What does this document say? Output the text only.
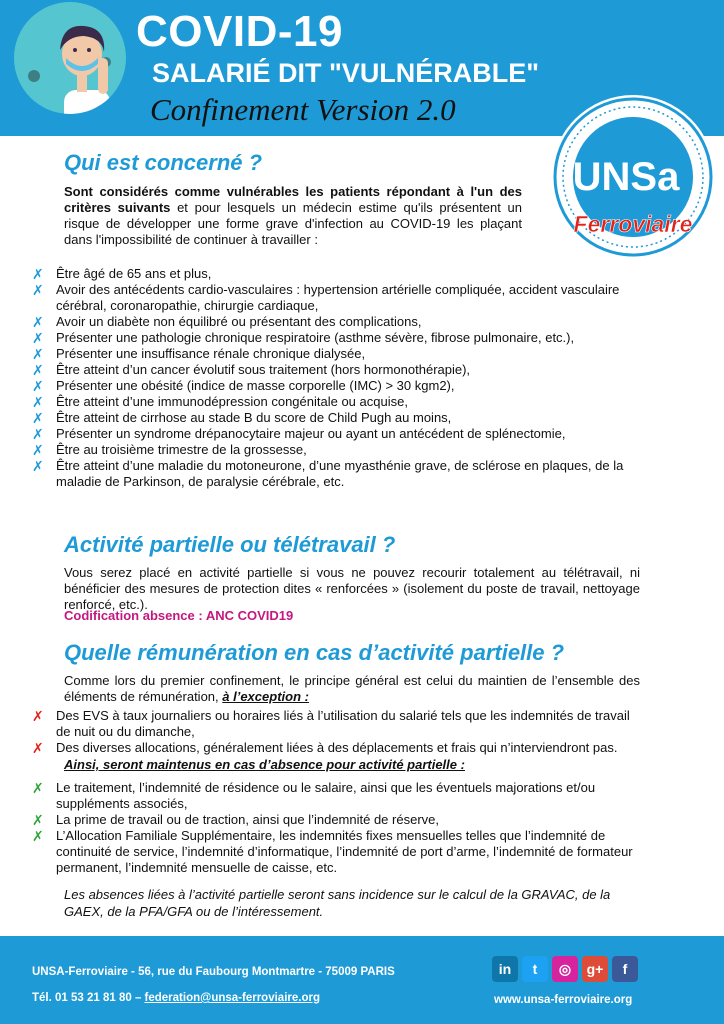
COVID-19
SALARIÉ DIT "VULNÉRABLE"
Confinement Version 2.0
UNSa
Ferroviaire
Qui est concerné ?
Sont considérés comme vulnérables les patients répondant à l'un des critères suivants et pour lesquels un médecin estime qu'ils présentent un risque de développer une forme grave d'infection au COVID-19 les plaçant dans l'impossibilité de continuer à travailler :
✗ Être âgé de 65 ans et plus,
✗ Avoir des antécédents cardio-vasculaires : hypertension artérielle compliquée, accident vasculaire cérébral, coronaropathie, chirurgie cardiaque,
✗ Avoir un diabète non équilibré ou présentant des complications,
✗ Présenter une pathologie chronique respiratoire (asthme sévère, fibrose pulmonaire, etc.),
✗ Présenter une insuffisance rénale chronique dialysée,
✗ Être atteint d’un cancer évolutif sous traitement (hors hormonothérapie),
✗ Présenter une obésité (indice de masse corporelle (IMC) > 30 kgm2),
✗ Être atteint d’une immunodépression congénitale ou acquise,
✗ Être atteint de cirrhose au stade B du score de Child Pugh au moins,
✗ Présenter un syndrome drépanocytaire majeur ou ayant un antécédent de splénectomie,
✗ Être au troisième trimestre de la grossesse,
✗ Être atteint d’une maladie du motoneurone, d’une myasthénie grave, de sclérose en plaques, de la maladie de Parkinson, de paralysie cérébrale, etc.
Activité partielle ou télétravail ?
Vous serez placé en activité partielle si vous ne pouvez recourir totalement au télétravail, ni bénéficier des mesures de protection dites « renforcées » (isolement du poste de travail, nettoyage renforcé, etc.).
Codification absence : ANC COVID19
Quelle rémunération en cas d’activité partielle ?
Comme lors du premier confinement, le principe général est celui du maintien de l’ensemble des éléments de rémunération, à l’exception :
✗ Des EVS à taux journaliers ou horaires liés à l’utilisation du salarié tels que les indemnités de travail de nuit ou du dimanche,
✗ Des diverses allocations, généralement liées à des déplacements et frais qui n’interviendront pas.
Ainsi, seront maintenus en cas d’absence pour activité partielle :
✗ Le traitement, l’indemnité de résidence ou le salaire, ainsi que les éventuels majorations et/ou suppléments associés,
✗ La prime de travail ou de traction, ainsi que l’indemnité de réserve,
✗ L’Allocation Familiale Supplémentaire, les indemnités fixes mensuelles telles que l’indemnité de continuité de service, l’indemnité d’informatique, l’indemnité de port d’arme, l’indemnité de formateur permanent, l’indemnité mensuelle de caisse, etc.
Les absences liées à l’activité partielle seront sans incidence sur le calcul de la GRAVAC, de la GAEX, de la PFA/GFA ou de l’intéressement.
UNSA-Ferroviaire - 56, rue du Faubourg Montmartre - 75009 PARIS
Tél. 01 53 21 81 80 – federation@unsa-ferroviaire.org
in	t	◎	g+	f
www.unsa-ferroviaire.org
